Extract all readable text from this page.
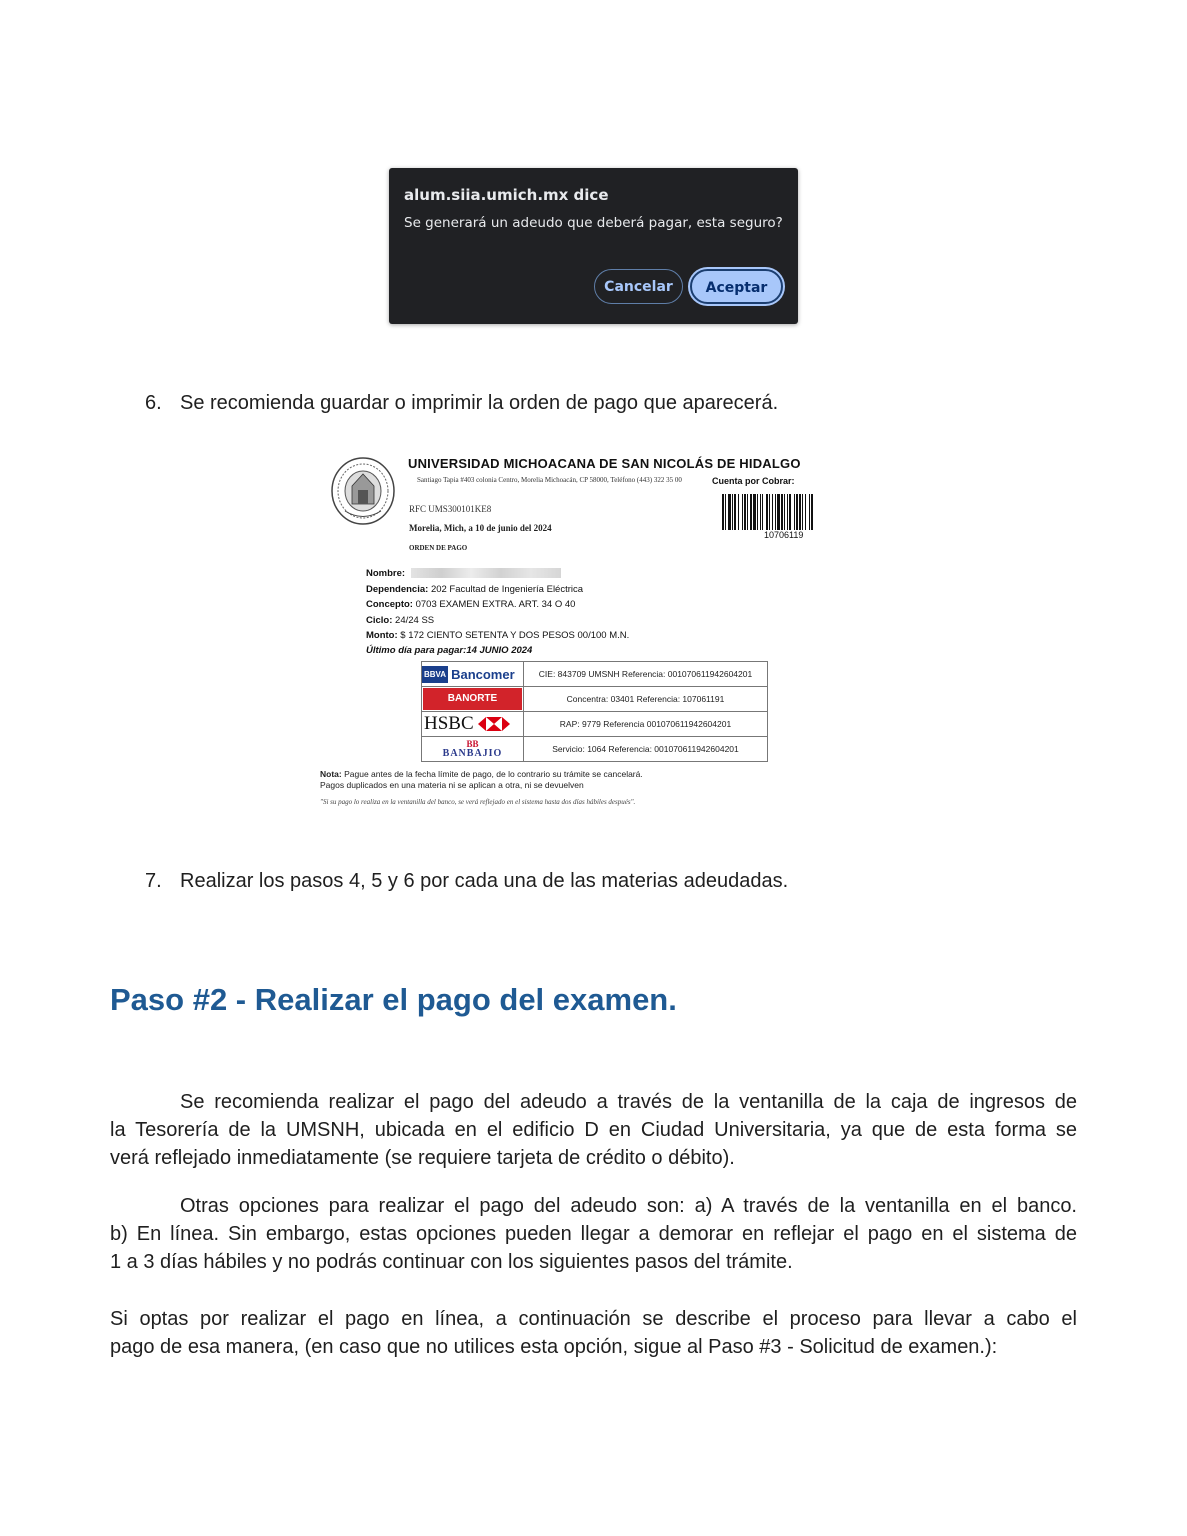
alum.siia.umich.mx dice
Se generará un adeudo que deberá pagar, esta seguro?
Cancelar	Aceptar
6. Se recomienda guardar o imprimir la orden de pago que aparecerá.
UNIVERSIDAD MICHOACANA DE SAN NICOLÁS DE HIDALGO
Santiago Tapia #403 colonia Centro, Morelia Michoacán, CP 58000, Teléfono (443) 322 35 00	Cuenta por Cobrar:
RFC UMS300101KE8
Morelia, Mich, a 10 de junio del 2024
ORDEN DE PAGO
10706119
Nombre:
Dependencia: 202 Facultad de Ingeniería Eléctrica
Concepto: 0703 EXAMEN EXTRA. ART. 34 O 40
Ciclo: 24/24 SS
Monto: $ 172 CIENTO SETENTA Y DOS PESOS 00/100 M.N.
Último día para pagar:14 JUNIO 2024
BBVA Bancomer	CIE: 843709 UMSNH Referencia: 001070611942604201

BANORTE	Concentra: 03401 Referencia: 107061191

HSBC	RAP: 9779 Referencia 001070611942604201

BB
BANBAJIO	Servicio: 1064 Referencia: 001070611942604201
Nota: Pague antes de la fecha límite de pago, de lo contrario su trámite se cancelará.
Pagos duplicados en una materia ni se aplican a otra, ni se devuelven
"Si su pago lo realiza en la ventanilla del banco, se verá reflejado en el sistema hasta dos días hábiles después".
7. Realizar los pasos 4, 5 y 6 por cada una de las materias adeudadas.
Paso #2 - Realizar el pago del examen.
Se recomienda realizar el pago del adeudo a través de la ventanilla de la caja de ingresos de
la Tesorería de la UMSNH, ubicada en el edificio D en Ciudad Universitaria, ya que de esta forma se
verá reflejado inmediatamente (se requiere tarjeta de crédito o débito).
Otras opciones para realizar el pago del adeudo son: a) A través de la ventanilla en el banco.
b) En línea. Sin embargo, estas opciones pueden llegar a demorar en reflejar el pago en el sistema de
1 a 3 días hábiles y no podrás continuar con los siguientes pasos del trámite.
Si optas por realizar el pago en línea, a continuación se describe el proceso para llevar a cabo el
pago de esa manera, (en caso que no utilices esta opción, sigue al Paso #3 - Solicitud de examen.):
